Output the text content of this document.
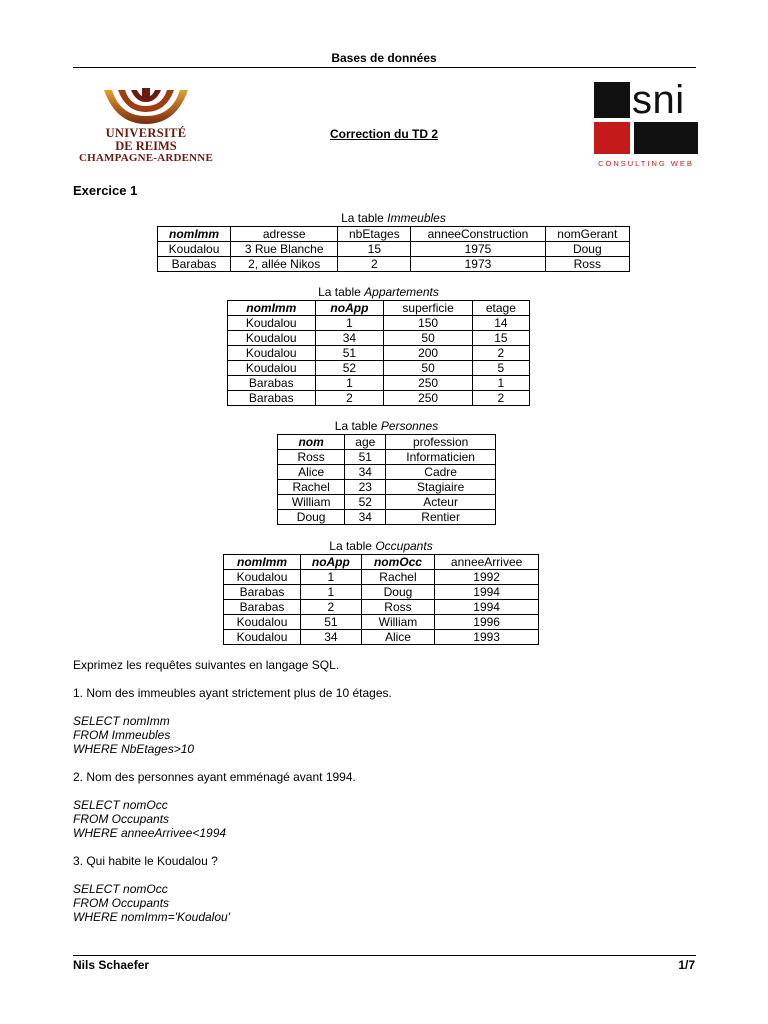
Bases de données
UNIVERSITÉ
DE REIMS
CHAMPAGNE-ARDENNE
Correction du TD 2
sni
CONSULTING WEB
Exercice 1
La table Immeubles
nomImm	adresse	nbEtages	anneeConstruction	nomGerant
Koudalou	3 Rue Blanche	15	1975	Doug
Barabas	2, allée Nikos	2	1973	Ross
La table Appartements
nomImm	noApp	superficie	etage
Koudalou	1	150	14
Koudalou	34	50	15
Koudalou	51	200	2
Koudalou	52	50	5
Barabas	1	250	1
Barabas	2	250	2
La table Personnes
nom	age	profession
Ross	51	Informaticien
Alice	34	Cadre
Rachel	23	Stagiaire
William	52	Acteur
Doug	34	Rentier
La table Occupants
nomImm	noApp	nomOcc	anneeArrivee
Koudalou	1	Rachel	1992
Barabas	1	Doug	1994
Barabas	2	Ross	1994
Koudalou	51	William	1996
Koudalou	34	Alice	1993
Exprimez les requêtes suivantes en langage SQL.
1. Nom des immeubles ayant strictement plus de 10 étages.
SELECT nomImm
FROM Immeubles
WHERE NbEtages>10
2. Nom des personnes ayant emménagé avant 1994.
SELECT nomOcc
FROM Occupants
WHERE anneeArrivee<1994
3. Qui habite le Koudalou ?
SELECT nomOcc
FROM Occupants
WHERE nomImm='Koudalou'
Nils Schaefer	1/7
